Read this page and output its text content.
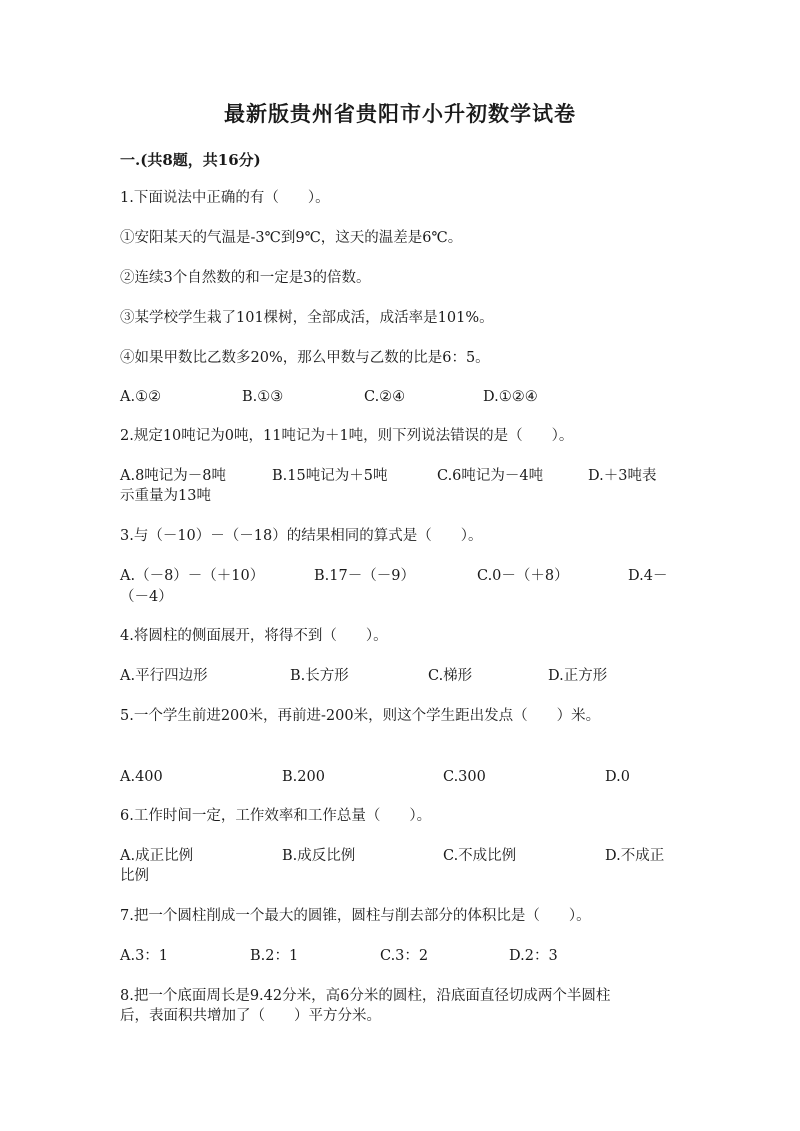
最新版贵州省贵阳市小升初数学试卷
一.(共8题，共16分)
1.下面说法中正确的有（　　）。
①安阳某天的气温是-3℃到9℃，这天的温差是6℃。
②连续3个自然数的和一定是3的倍数。
③某学校学生栽了101棵树，全部成活，成活率是101%。
④如果甲数比乙数多20%，那么甲数与乙数的比是6：5。
A.①②	B.①③	C.②④	D.①②④
2.规定10吨记为0吨，11吨记为＋1吨，则下列说法错误的是（　　）。
A.8吨记为－8吨	B.15吨记为＋5吨	C.6吨记为－4吨	D.＋3吨表
示重量为13吨
3.与（－10）－（－18）的结果相同的算式是（　　）。
A.（－8）－（＋10）	B.17－（－9）	C.0－（＋8）	D.4－
（－4）
4.将圆柱的侧面展开，将得不到（　　）。
A.平行四边形	B.长方形	C.梯形	D.正方形
5.一个学生前进200米，再前进-200米，则这个学生距出发点（　　）米。
A.400	B.200	C.300	D.0
6.工作时间一定，工作效率和工作总量（　　）。
A.成正比例	B.成反比例	C.不成比例	D.不成正
比例
7.把一个圆柱削成一个最大的圆锥，圆柱与削去部分的体积比是（　　）。
A.3：1	B.2：1	C.3：2	D.2：3
8.把一个底面周长是9.42分米，高6分米的圆柱，沿底面直径切成两个半圆柱
后，表面积共增加了（　　）平方分米。
